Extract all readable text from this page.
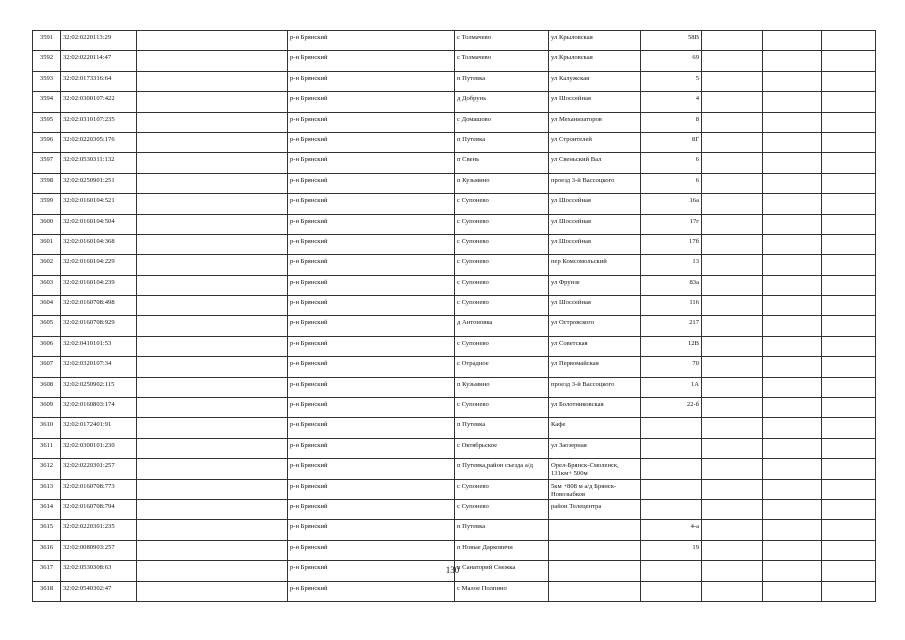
3591	32:02:0220113:29		р-н Брянский	с Толмачево	ул Крыловская	58В			
3592	32:02:0220114:47		р-н Брянский	с Толмачево	ул Крыловская	69			
3593	32:02:0173316:64		р-н Брянский	п Путевка	ул Калужская	5			
3594	32:02:0300107:422		р-н Брянский	д Добрунь	ул Шоссейная	4			
3595	32:02:0310107:235		р-н Брянский	с Домашово	ул Механизаторов	8			
3596	32:02:0220305:176		р-н Брянский	п Путевка	ул Строителей	8Г			
3597	32:02:0530311:132		р-н Брянский	п Свень	ул Свеньский Вал	6			
3598	32:02:0250901:251		р-н Брянский	п Кузьмино	проезд 3-й Вассоцкого	6			
3599	32:02:0160104:521		р-н Брянский	с Супонево	ул Шоссейная	16а			
3600	32:02:0160104:504		р-н Брянский	с Супонево	ул Шоссейная	17г			
3601	32:02:0160104:368		р-н Брянский	с Супонево	ул Шоссейная	17б			
3602	32:02:0160104:229		р-н Брянский	с Супонево	пер Комсомольский	13			
3603	32:02:0160104:239		р-н Брянский	с Супонево	ул Фрунзе	83а			
3604	32:02:0160708:498		р-н Брянский	с Супонево	ул Шоссейная	116			
3605	32:02:0160708:929		р-н Брянский	д Антоновка	ул Островского	217			
3606	32:02:0410101:53		р-н Брянский	с Супонево	ул Советская	12В			
3607	32:02:0320107:34		р-н Брянский	с Отрадное	ул Первомайская	70			
3608	32:02:0250902:115		р-н Брянский	п Кузьмино	проезд 3-й Вассоцкого	1А			
3609	32:02:0160803:174		р-н Брянский	с Супонево	ул Болотниковская	22-б			
3610	32:02:0172401:91		р-н Брянский	п Путевка	Кафе				
3611	32:02:0300101:230		р-н Брянский	с Октябрьское	ул Заозерная				
3612	32:02:0220301:257		р-н Брянский	п Путевка,район съезда а/д	Орел-Брянск-Смоленск, 131км+ 500м				
3613	32:02:0160708:773		р-н Брянский	с Супонево	5км +808 м а/д Брянск-Новозыбков				
3614	32:02:0160708:794		р-н Брянский	с Супонево	район Телецентра				
3615	32:02:0220301:235		р-н Брянский	п Путевка		4-а			
3616	32:02:0080903:257		р-н Брянский	п Новые Дарковичи		19			
3617	32:02:0530308:63		р-н Брянский	п Санаторий Снежка					
3618	32:02:0540302:47		р-н Брянский	с Малое Полпино					
130
